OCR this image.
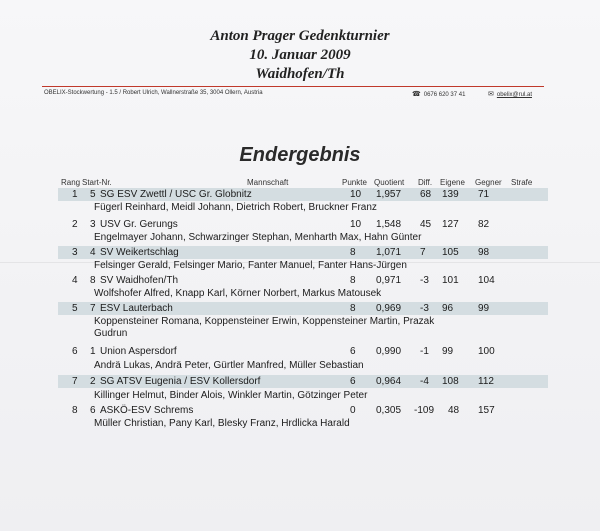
Anton Prager Gedenkturnier
10. Januar 2009
Waidhofen/Th
OBELIX-Stockwertung - 1.5 / Robert Ulrich, Wallnerstraße 35, 3004 Ollern, Austria	☎ 0676 620 37 41	✉ obelix@rul.at
Endergebnis
Rang Start-Nr.	Mannschaft	Punkte Quotient Diff. Eigene Gegner Strafe
1 5 SG ESV Zwettl / USC Gr. Globnitz	10 1,957 68 139 71
Fügerl Reinhard, Meidl Johann, Dietrich Robert, Bruckner Franz
2 3 USV Gr. Gerungs	10 1,548 45 127 82
Engelmayer Johann, Schwarzinger Stephan, Menharth Max, Hahn Günter
3 4 SV Weikertschlag	8 1,071 7 105 98
Felsinger Gerald, Felsinger Mario, Fanter Manuel, Fanter Hans-Jürgen
4 8 SV Waidhofen/Th	8 0,971 -3 101 104
Wolfshofer Alfred, Knapp Karl, Körner Norbert, Markus Matousek
5 7 ESV Lauterbach	8 0,969 -3 96 99
Koppensteiner Romana, Koppensteiner Erwin, Koppensteiner Martin, Prazak
Gudrun
6 1 Union Aspersdorf	6 0,990 -1 99 100
Andrä Lukas, Andrä Peter, Gürtler Manfred, Müller Sebastian
7 2 SG ATSV Eugenia / ESV Kollersdorf	6 0,964 -4 108 112
Killinger Helmut, Binder Alois, Winkler Martin, Götzinger Peter
8 6 ASKÖ-ESV Schrems	0 0,305 -109 48 157
Müller Christian, Pany Karl, Blesky Franz, Hrdlicka Harald
